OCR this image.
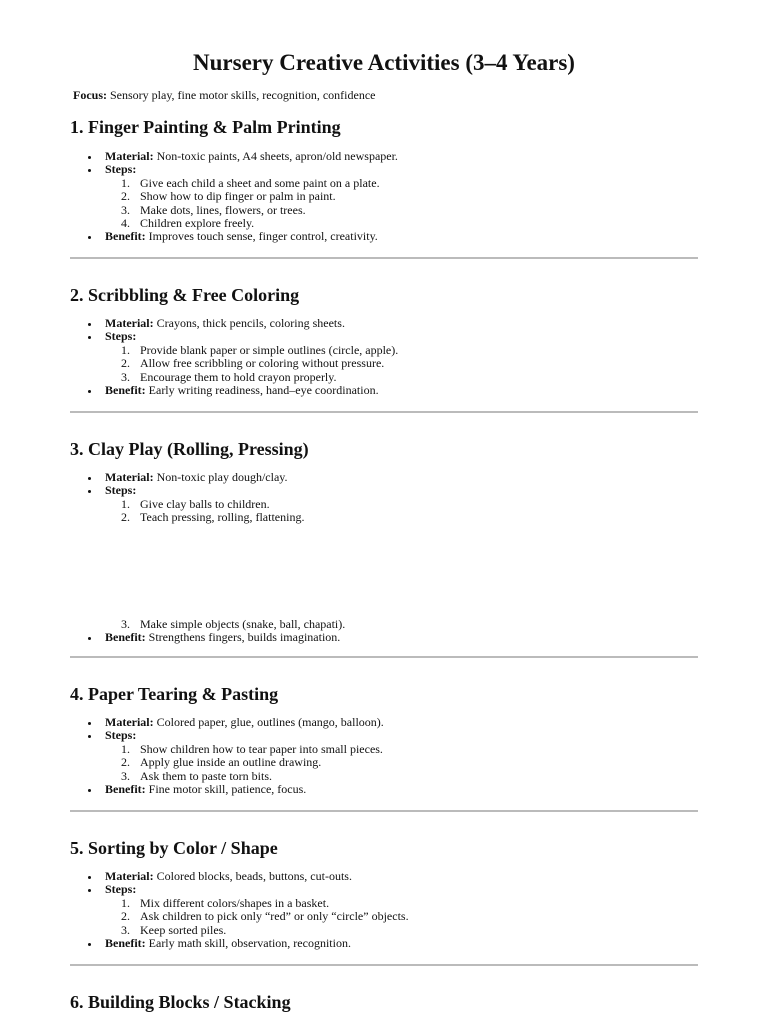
Nursery Creative Activities (3–4 Years)
Focus: Sensory play, fine motor skills, recognition, confidence
1. Finger Painting & Palm Printing
Material: Non-toxic paints, A4 sheets, apron/old newspaper.
Steps:
1. Give each child a sheet and some paint on a plate.
2. Show how to dip finger or palm in paint.
3. Make dots, lines, flowers, or trees.
4. Children explore freely.
Benefit: Improves touch sense, finger control, creativity.
2. Scribbling & Free Coloring
Material: Crayons, thick pencils, coloring sheets.
Steps:
1. Provide blank paper or simple outlines (circle, apple).
2. Allow free scribbling or coloring without pressure.
3. Encourage them to hold crayon properly.
Benefit: Early writing readiness, hand–eye coordination.
3. Clay Play (Rolling, Pressing)
Material: Non-toxic play dough/clay.
Steps:
1. Give clay balls to children.
2. Teach pressing, rolling, flattening.
3. Make simple objects (snake, ball, chapati).
Benefit: Strengthens fingers, builds imagination.
4. Paper Tearing & Pasting
Material: Colored paper, glue, outlines (mango, balloon).
Steps:
1. Show children how to tear paper into small pieces.
2. Apply glue inside an outline drawing.
3. Ask them to paste torn bits.
Benefit: Fine motor skill, patience, focus.
5. Sorting by Color / Shape
Material: Colored blocks, beads, buttons, cut-outs.
Steps:
1. Mix different colors/shapes in a basket.
2. Ask children to pick only “red” or only “circle” objects.
3. Keep sorted piles.
Benefit: Early math skill, observation, recognition.
6. Building Blocks / Stacking
